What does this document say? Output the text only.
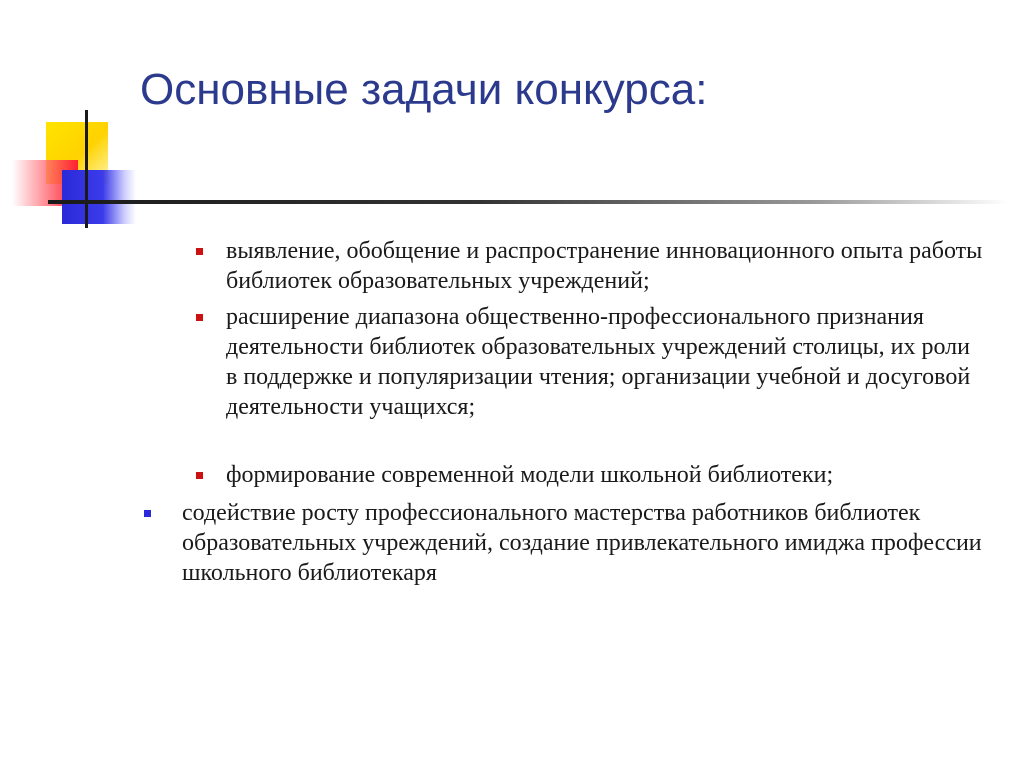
Основные задачи конкурса:
выявление, обобщение и распространение инновационного опыта работы библиотек образовательных учреждений;
расширение диапазона общественно-профессионального признания деятельности библиотек образовательных учреждений столицы, их роли в поддержке и популяризации чтения; организации учебной и досуговой деятельности учащихся;
формирование современной модели школьной библиотеки;
содействие росту профессионального мастерства работников библиотек образовательных учреждений, создание привлекательного имиджа профессии школьного библиотекаря
